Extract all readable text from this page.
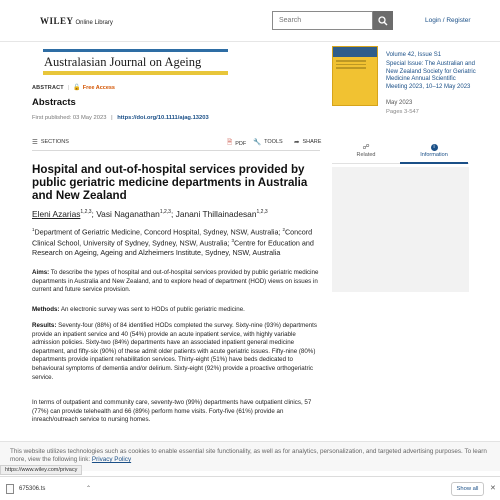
WILEY Online Library	Search	Login / Register
Australasian Journal on Ageing
ABSTRACT | 🔓 Free Access
Abstracts
First published: 03 May 2023 | https://doi.org/10.1111/ajag.13203
☰ SECTIONS	🗎 PDF 🔧 TOOLS ➦ SHARE
Hospital and out-of-hospital services provided by public geriatric medicine departments in Australia and New Zealand
Eleni Azarias$^{1,2,3}$; Vasi Naganathan$^{1,2,3}$; Janani Thillainadesan$^{1,2,3}$
$^1$Department of Geriatric Medicine, Concord Hospital, Sydney, NSW, Australia; $^2$Concord Clinical School, University of Sydney, Sydney, NSW, Australia; $^3$Centre for Education and Research on Ageing, Ageing and Alzheimers Institute, Sydney, NSW, Australia

Aims: To describe the types of hospital and out-of-hospital services provided by public geriatric medicine departments in Australia and New Zealand, and to explore head of department (HOD) views on issues in current and future service provision.

Methods: An electronic survey was sent to HODs of public geriatric medicine.

Results: Seventy-four (88%) of 84 identified HODs completed the survey. Sixty-nine (93%) departments provide an inpatient service and 40 (54%) provide an acute inpatient service, with highly variable admission policies. Sixty-two (84%) departments have an associated inpatient general medicine department, and fifty-six (90%) of these admit older patients with acute geriatric issues. Fifty-nine (80%) departments provide inpatient rehabilitation services. Thirty-eight (51%) have beds dedicated to behavioural symptoms of dementia and/or delirium. Sixty-eight (92%) provide a proactive orthogeriatric service.

In terms of outpatient and community care, seventy-two (99%) departments have outpatient clinics, 57 (77%) can provide telehealth and 66 (89%) perform home visits. Forty-five (61%) provide an inreach/outreach service to nursing homes.

Volume 42, Issue S1
Special Issue: The Australian and New Zealand Society for Geriatric Medicine Annual Scientific Meeting 2023, 10–12 May 2023
May 2023
Pages 3-547
☍
Related
i
Information
This website utilizes technologies such as cookies to enable essential site functionality, as well as for analytics, personalization, and targeted advertising purposes. To learn more, view the following link: Privacy Policy
https://www.wiley.com/privacy
675306.ts	⌃	Show all	✕
